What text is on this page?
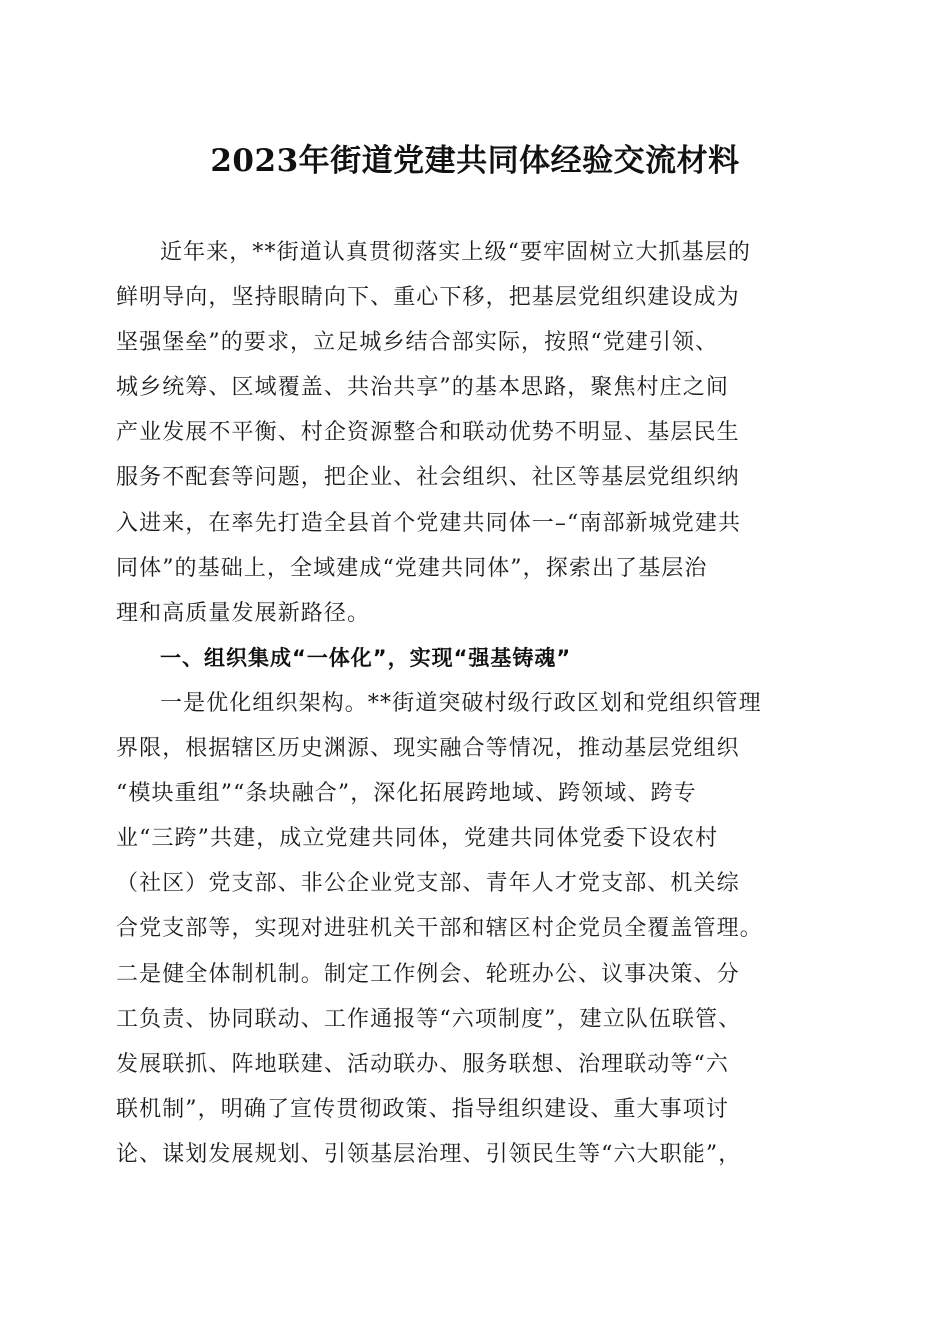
2023年街道党建共同体经验交流材料
近年来，**街道认真贯彻落实上级“要牢固树立大抓基层的
鲜明导向，坚持眼睛向下、重心下移，把基层党组织建设成为
坚强堡垒”的要求，立足城乡结合部实际，按照“党建引领、
城乡统筹、区域覆盖、共治共享”的基本思路，聚焦村庄之间
产业发展不平衡、村企资源整合和联动优势不明显、基层民生
服务不配套等问题，把企业、社会组织、社区等基层党组织纳
入进来，在率先打造全县首个党建共同体一–“南部新城党建共
同体”的基础上，全域建成“党建共同体”，探索出了基层治
理和高质量发展新路径。
一、组织集成“一体化”，实现“强基铸魂”
一是优化组织架构。**街道突破村级行政区划和党组织管理
界限，根据辖区历史渊源、现实融合等情况，推动基层党组织
“模块重组”“条块融合”，深化拓展跨地域、跨领域、跨专
业“三跨”共建，成立党建共同体，党建共同体党委下设农村
（社区）党支部、非公企业党支部、青年人才党支部、机关综
合党支部等，实现对进驻机关干部和辖区村企党员全覆盖管理。
二是健全体制机制。制定工作例会、轮班办公、议事决策、分
工负责、协同联动、工作通报等“六项制度”，建立队伍联管、
发展联抓、阵地联建、活动联办、服务联想、治理联动等“六
联机制”，明确了宣传贯彻政策、指导组织建设、重大事项讨
论、谋划发展规划、引领基层治理、引领民生等“六大职能”，
